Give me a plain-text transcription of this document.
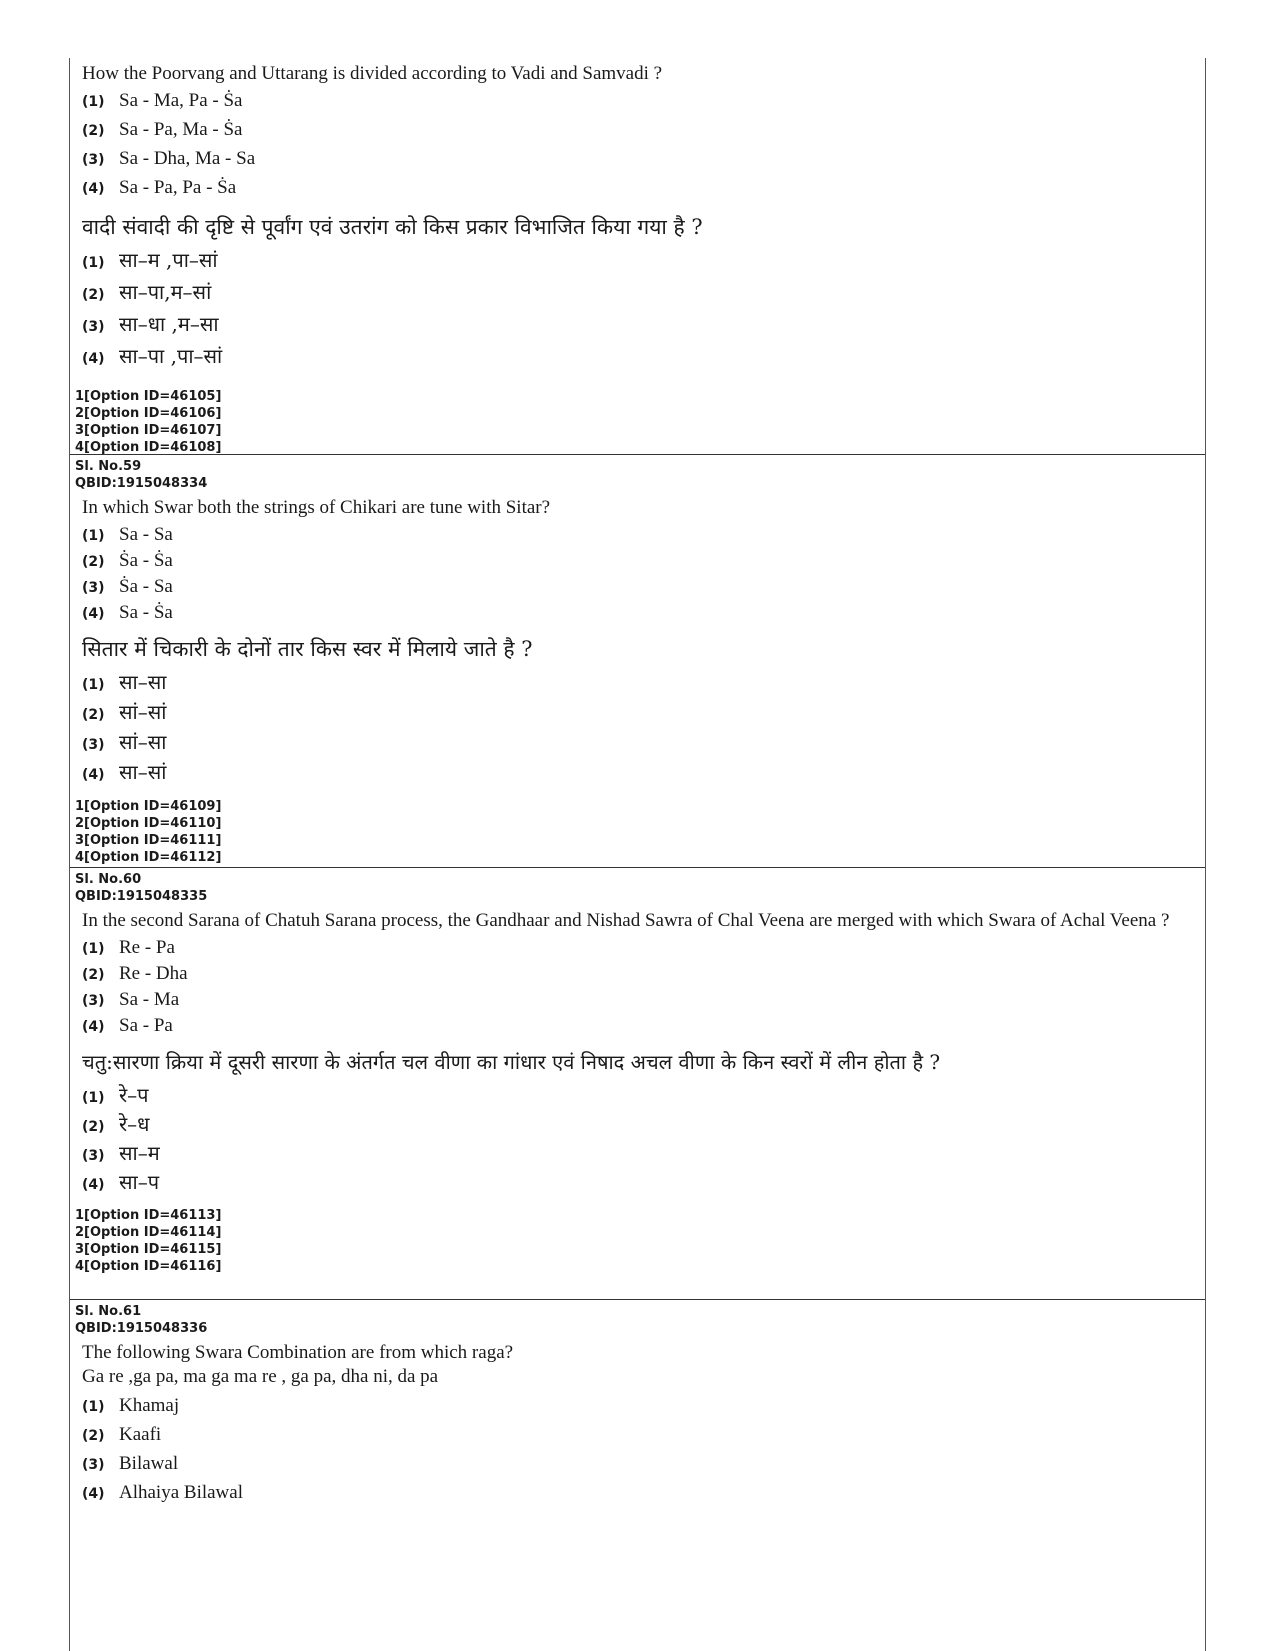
How the Poorvang and Uttarang is divided according to Vadi and Samvadi ?
(1) Sa - Ma, Pa - Ṡa
(2) Sa - Pa, Ma - Ṡa
(3) Sa - Dha, Ma - Sa
(4) Sa - Pa, Pa - Ṡa
वादी संवादी की दृष्टि से पूर्वांग एवं उतरांग को किस प्रकार विभाजित किया गया है ?
(1) सा–म ,पा–सां
(2) सा–पा,म–सां
(3) सा–धा ,म–सा
(4) सा–पा ,पा–सां
1[Option ID=46105]
2[Option ID=46106]
3[Option ID=46107]
4[Option ID=46108]
Sl. No.59
QBID:1915048334
In which Swar both the strings of Chikari are tune with Sitar?
(1) Sa - Sa
(2) Ṡa - Ṡa
(3) Ṡa - Sa
(4) Sa - Ṡa
सितार में चिकारी के दोनों तार किस स्वर में मिलाये जाते है ?
(1) सा–सा
(2) सां–सां
(3) सां–सा
(4) सा–सां
1[Option ID=46109]
2[Option ID=46110]
3[Option ID=46111]
4[Option ID=46112]
Sl. No.60
QBID:1915048335
In the second Sarana of Chatuh Sarana process, the Gandhaar and Nishad Sawra of Chal Veena are merged with which Swara of Achal Veena ?
(1) Re - Pa
(2) Re - Dha
(3) Sa - Ma
(4) Sa - Pa
चतु:सारणा क्रिया में दूसरी सारणा के अंतर्गत चल वीणा का गांधार एवं निषाद अचल वीणा के किन स्वरों में लीन होता है ?
(1) रे–प
(2) रे–ध
(3) सा–म
(4) सा–प
1[Option ID=46113]
2[Option ID=46114]
3[Option ID=46115]
4[Option ID=46116]
Sl. No.61
QBID:1915048336
The following Swara Combination are from which raga?
Ga re ,ga pa, ma ga ma re , ga pa, dha ni, da pa
(1) Khamaj
(2) Kaafi
(3) Bilawal
(4) Alhaiya Bilawal
